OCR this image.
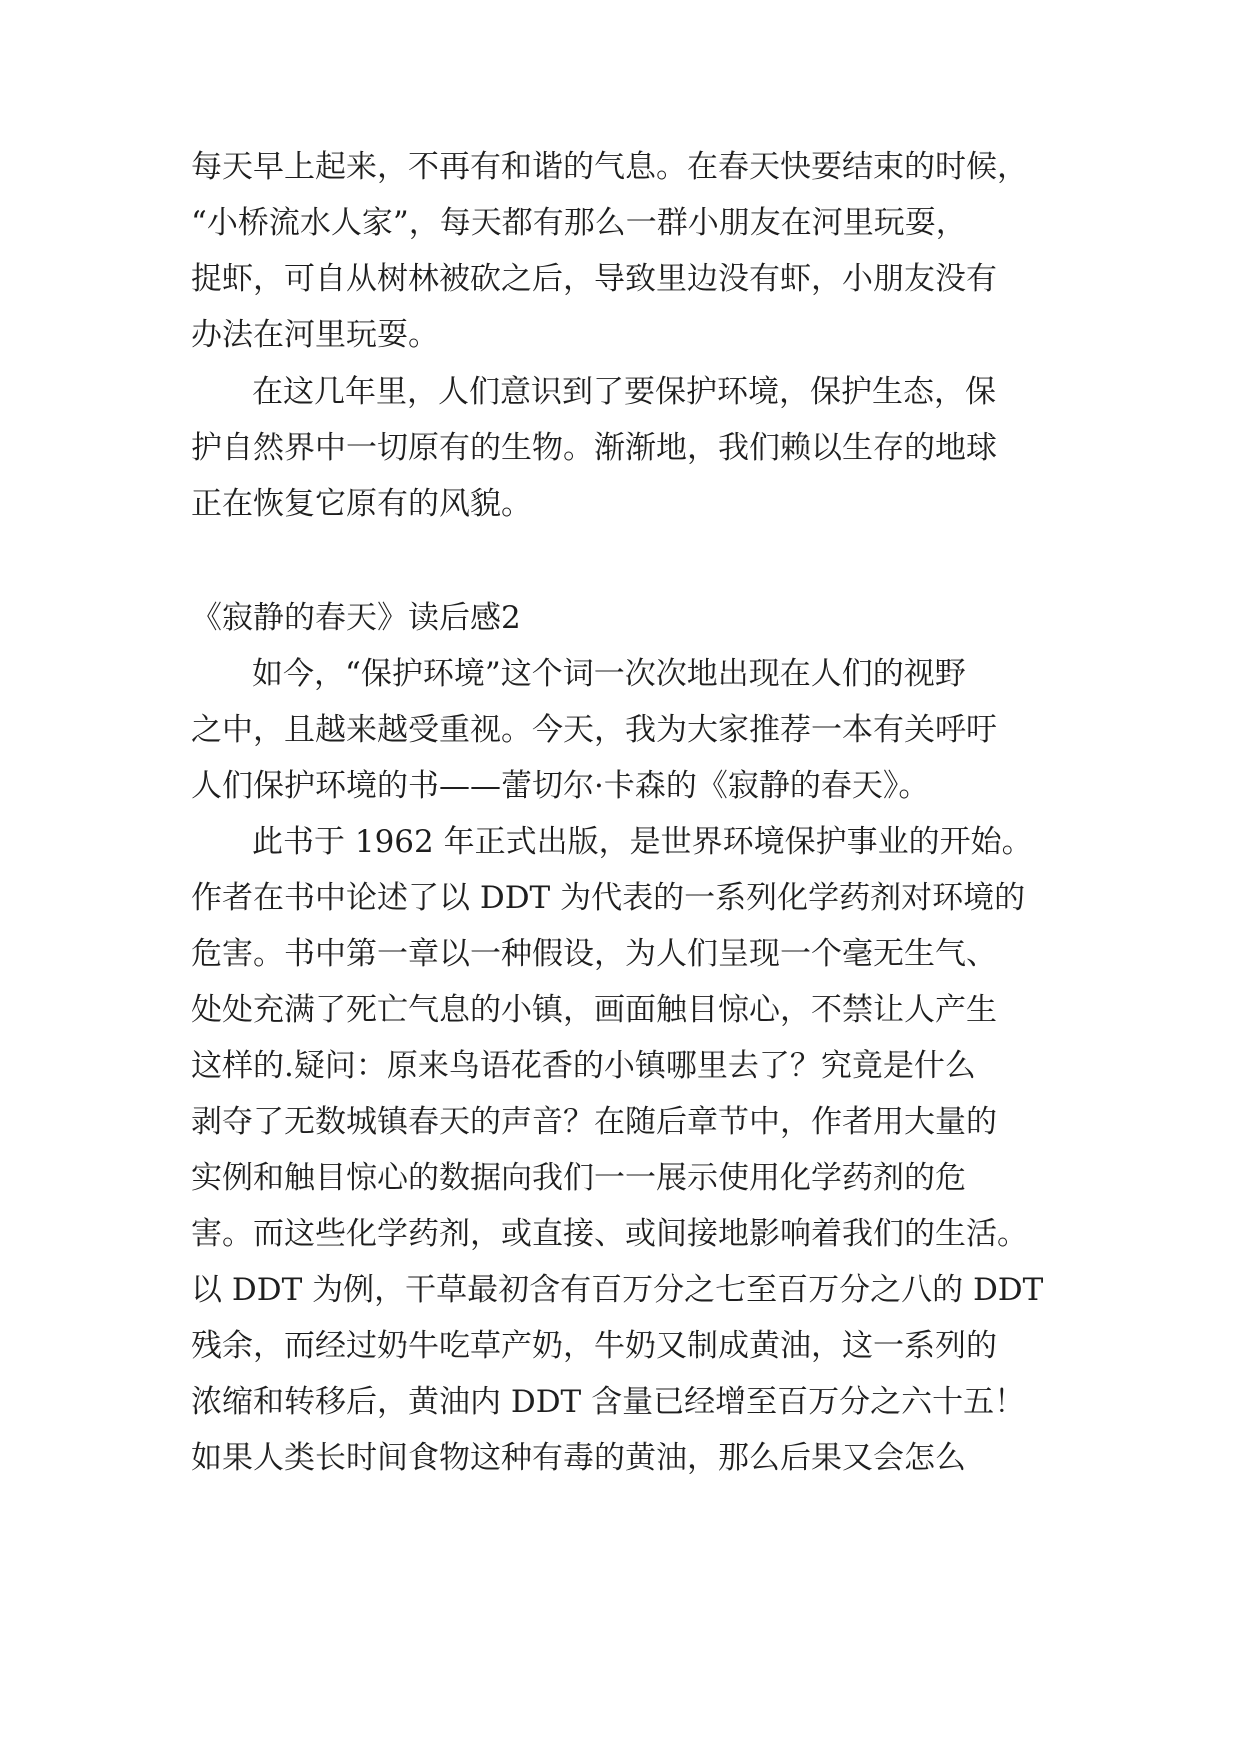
每天早上起来，不再有和谐的气息。在春天快要结束的时候，
“小桥流水人家”，每天都有那么一群小朋友在河里玩耍，
捉虾，可自从树林被砍之后，导致里边没有虾，小朋友没有
办法在河里玩耍。
在这几年里，人们意识到了要保护环境，保护生态，保
护自然界中一切原有的生物。渐渐地，我们赖以生存的地球
正在恢复它原有的风貌。
《寂静的春天》读后感2
如今，“保护环境”这个词一次次地出现在人们的视野
之中，且越来越受重视。今天，我为大家推荐一本有关呼吁
人们保护环境的书——蕾切尔·卡森的《寂静的春天》。
此书于 1962 年正式出版，是世界环境保护事业的开始。
作者在书中论述了以 DDT 为代表的一系列化学药剂对环境的
危害。书中第一章以一种假设，为人们呈现一个毫无生气、
处处充满了死亡气息的小镇，画面触目惊心，不禁让人产生
这样的.疑问：原来鸟语花香的小镇哪里去了？究竟是什么
剥夺了无数城镇春天的声音？在随后章节中，作者用大量的
实例和触目惊心的数据向我们一一展示使用化学药剂的危
害。而这些化学药剂，或直接、或间接地影响着我们的生活。
以 DDT 为例，干草最初含有百万分之七至百万分之八的 DDT
残余，而经过奶牛吃草产奶，牛奶又制成黄油，这一系列的
浓缩和转移后，黄油内 DDT 含量已经增至百万分之六十五！
如果人类长时间食物这种有毒的黄油，那么后果又会怎么
